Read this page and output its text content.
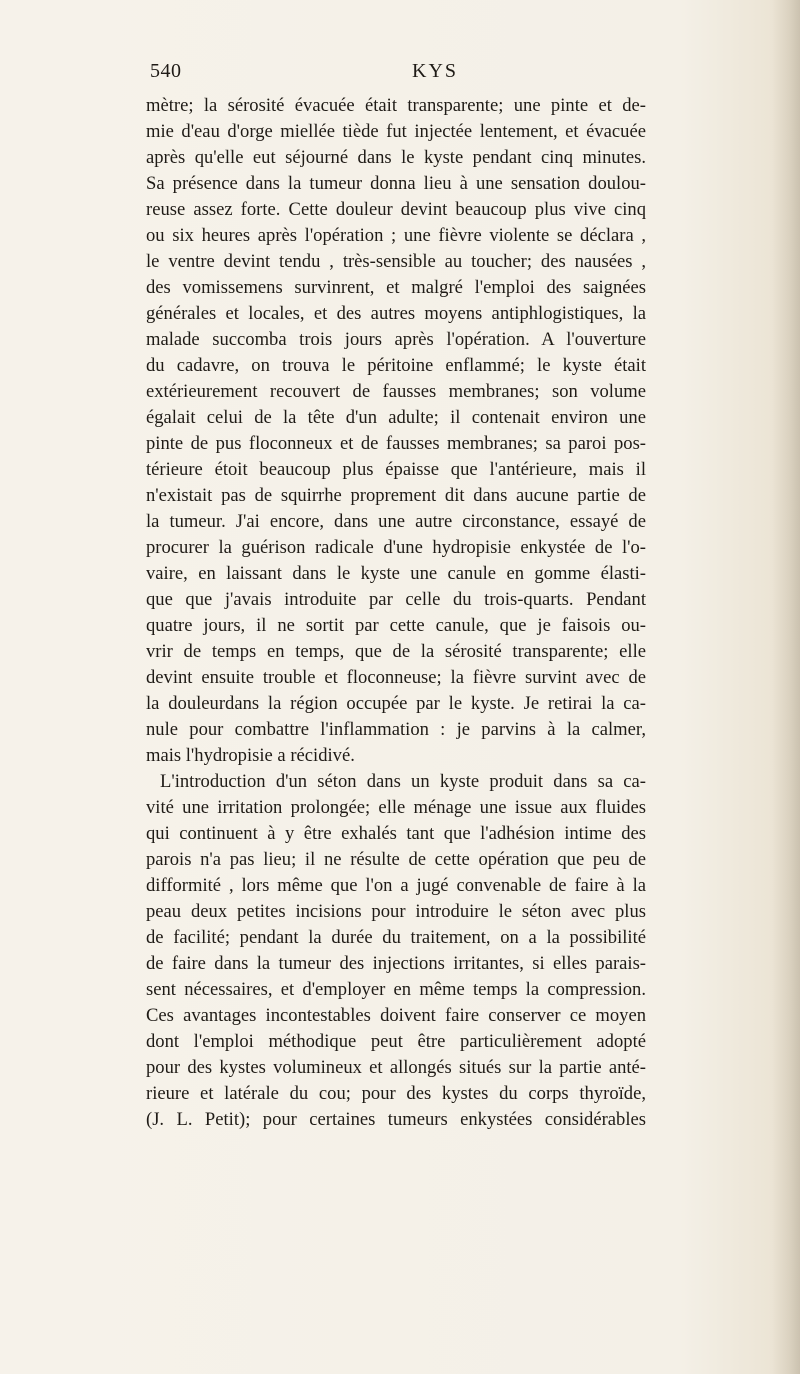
540	KYS
mètre; la sérosité évacuée était transparente; une pinte et de-
mie d'eau d'orge miellée tiède fut injectée lentement, et évacuée
après qu'elle eut séjourné dans le kyste pendant cinq minutes.
Sa présence dans la tumeur donna lieu à une sensation doulou-
reuse assez forte. Cette douleur devint beaucoup plus vive cinq
ou six heures après l'opération ; une fièvre violente se déclara ,
le ventre devint tendu , très-sensible au toucher; des nausées ,
des vomissemens survinrent, et malgré l'emploi des saignées
générales et locales, et des autres moyens antiphlogistiques, la
malade succomba trois jours après l'opération. A l'ouverture
du cadavre, on trouva le péritoine enflammé; le kyste était
extérieurement recouvert de fausses membranes; son volume
égalait celui de la tête d'un adulte; il contenait environ une
pinte de pus floconneux et de fausses membranes; sa paroi pos-
térieure étoit beaucoup plus épaisse que l'antérieure, mais il
n'existait pas de squirrhe proprement dit dans aucune partie de
la tumeur. J'ai encore, dans une autre circonstance, essayé de
procurer la guérison radicale d'une hydropisie enkystée de l'o-
vaire, en laissant dans le kyste une canule en gomme élasti-
que que j'avais introduite par celle du trois-quarts. Pendant
quatre jours, il ne sortit par cette canule, que je faisois ou-
vrir de temps en temps, que de la sérosité transparente; elle
devint ensuite trouble et floconneuse; la fièvre survint avec de
la douleurdans la région occupée par le kyste. Je retirai la ca-
nule pour combattre l'inflammation : je parvins à la calmer,
mais l'hydropisie a récidivé.
L'introduction d'un séton dans un kyste produit dans sa ca-
vité une irritation prolongée; elle ménage une issue aux fluides
qui continuent à y être exhalés tant que l'adhésion intime des
parois n'a pas lieu; il ne résulte de cette opération que peu de
difformité , lors même que l'on a jugé convenable de faire à la
peau deux petites incisions pour introduire le séton avec plus
de facilité; pendant la durée du traitement, on a la possibilité
de faire dans la tumeur des injections irritantes, si elles parais-
sent nécessaires, et d'employer en même temps la compression.
Ces avantages incontestables doivent faire conserver ce moyen
dont l'emploi méthodique peut être particulièrement adopté
pour des kystes volumineux et allongés situés sur la partie anté-
rieure et latérale du cou; pour des kystes du corps thyroïde,
(J. L. Petit); pour certaines tumeurs enkystées considérables
